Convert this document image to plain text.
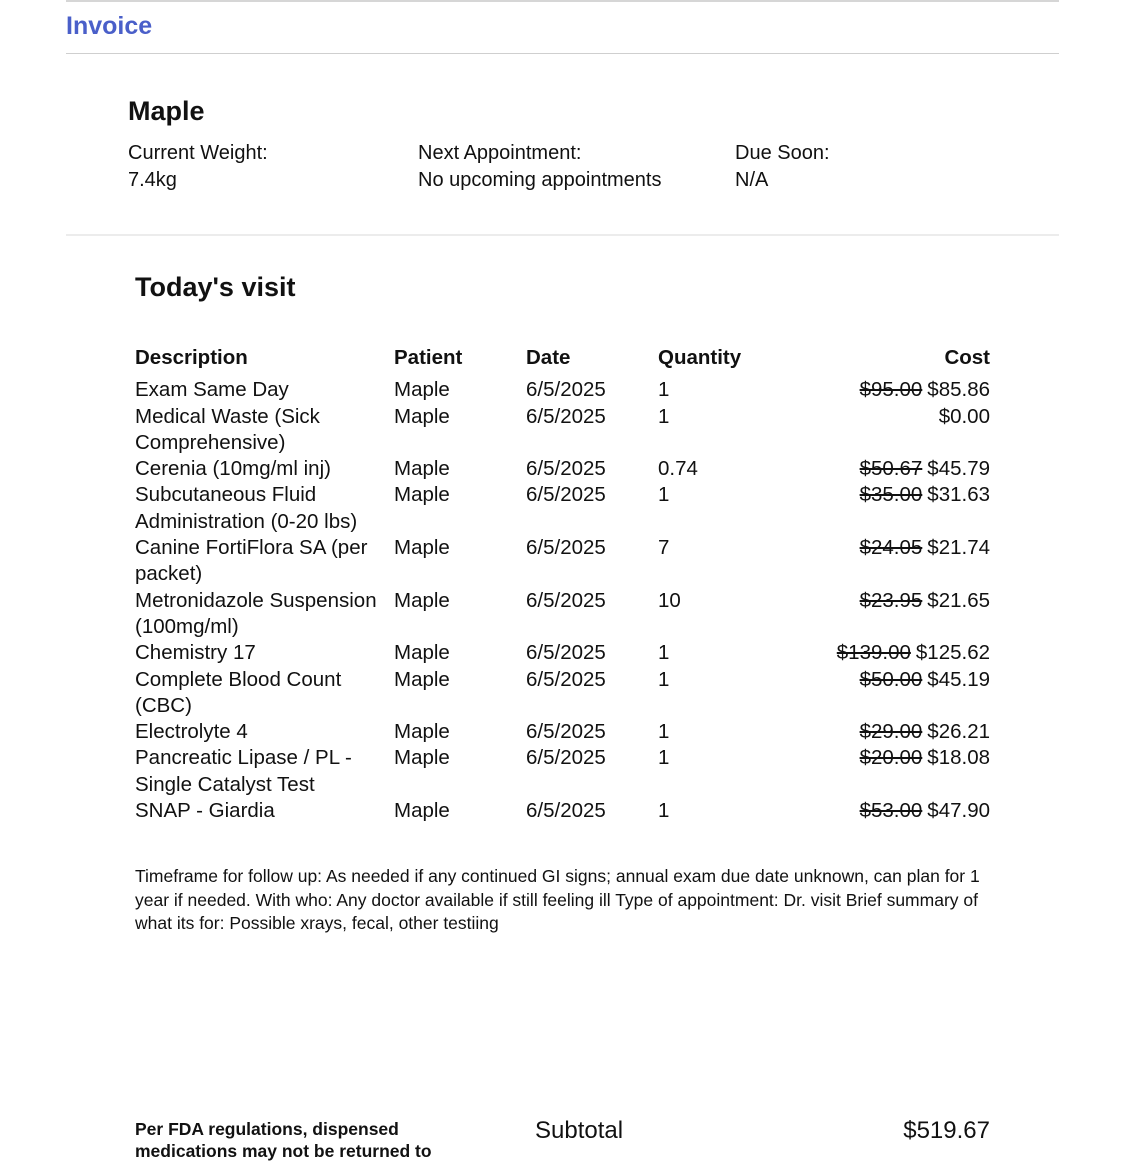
Invoice
Maple
Current Weight:
7.4kg
Next Appointment:
No upcoming appointments
Due Soon:
N/A
Today's visit
Description	Patient	Date	Quantity	Cost
Exam Same Day	Maple	6/5/2025	1	$95.00 $85.86
Medical Waste (Sick Comprehensive)	Maple	6/5/2025	1	$0.00
Cerenia (10mg/ml inj)	Maple	6/5/2025	0.74	$50.67 $45.79
Subcutaneous Fluid Administration (0-20 lbs)	Maple	6/5/2025	1	$35.00 $31.63
Canine FortiFlora SA (per packet)	Maple	6/5/2025	7	$24.05 $21.74
Metronidazole Suspension (100mg/ml)	Maple	6/5/2025	10	$23.95 $21.65
Chemistry 17	Maple	6/5/2025	1	$139.00 $125.62
Complete Blood Count (CBC)	Maple	6/5/2025	1	$50.00 $45.19
Electrolyte 4	Maple	6/5/2025	1	$29.00 $26.21
Pancreatic Lipase / PL - Single Catalyst Test	Maple	6/5/2025	1	$20.00 $18.08
SNAP - Giardia	Maple	6/5/2025	1	$53.00 $47.90
Timeframe for follow up: As needed if any continued GI signs; annual exam due date unknown, can plan for 1 year if needed. With who: Any doctor available if still feeling ill Type of appointment: Dr. visit Brief summary of what its for: Possible xrays, fecal, other testiing
Per FDA regulations, dispensed medications may not be returned to
Subtotal	$519.67
